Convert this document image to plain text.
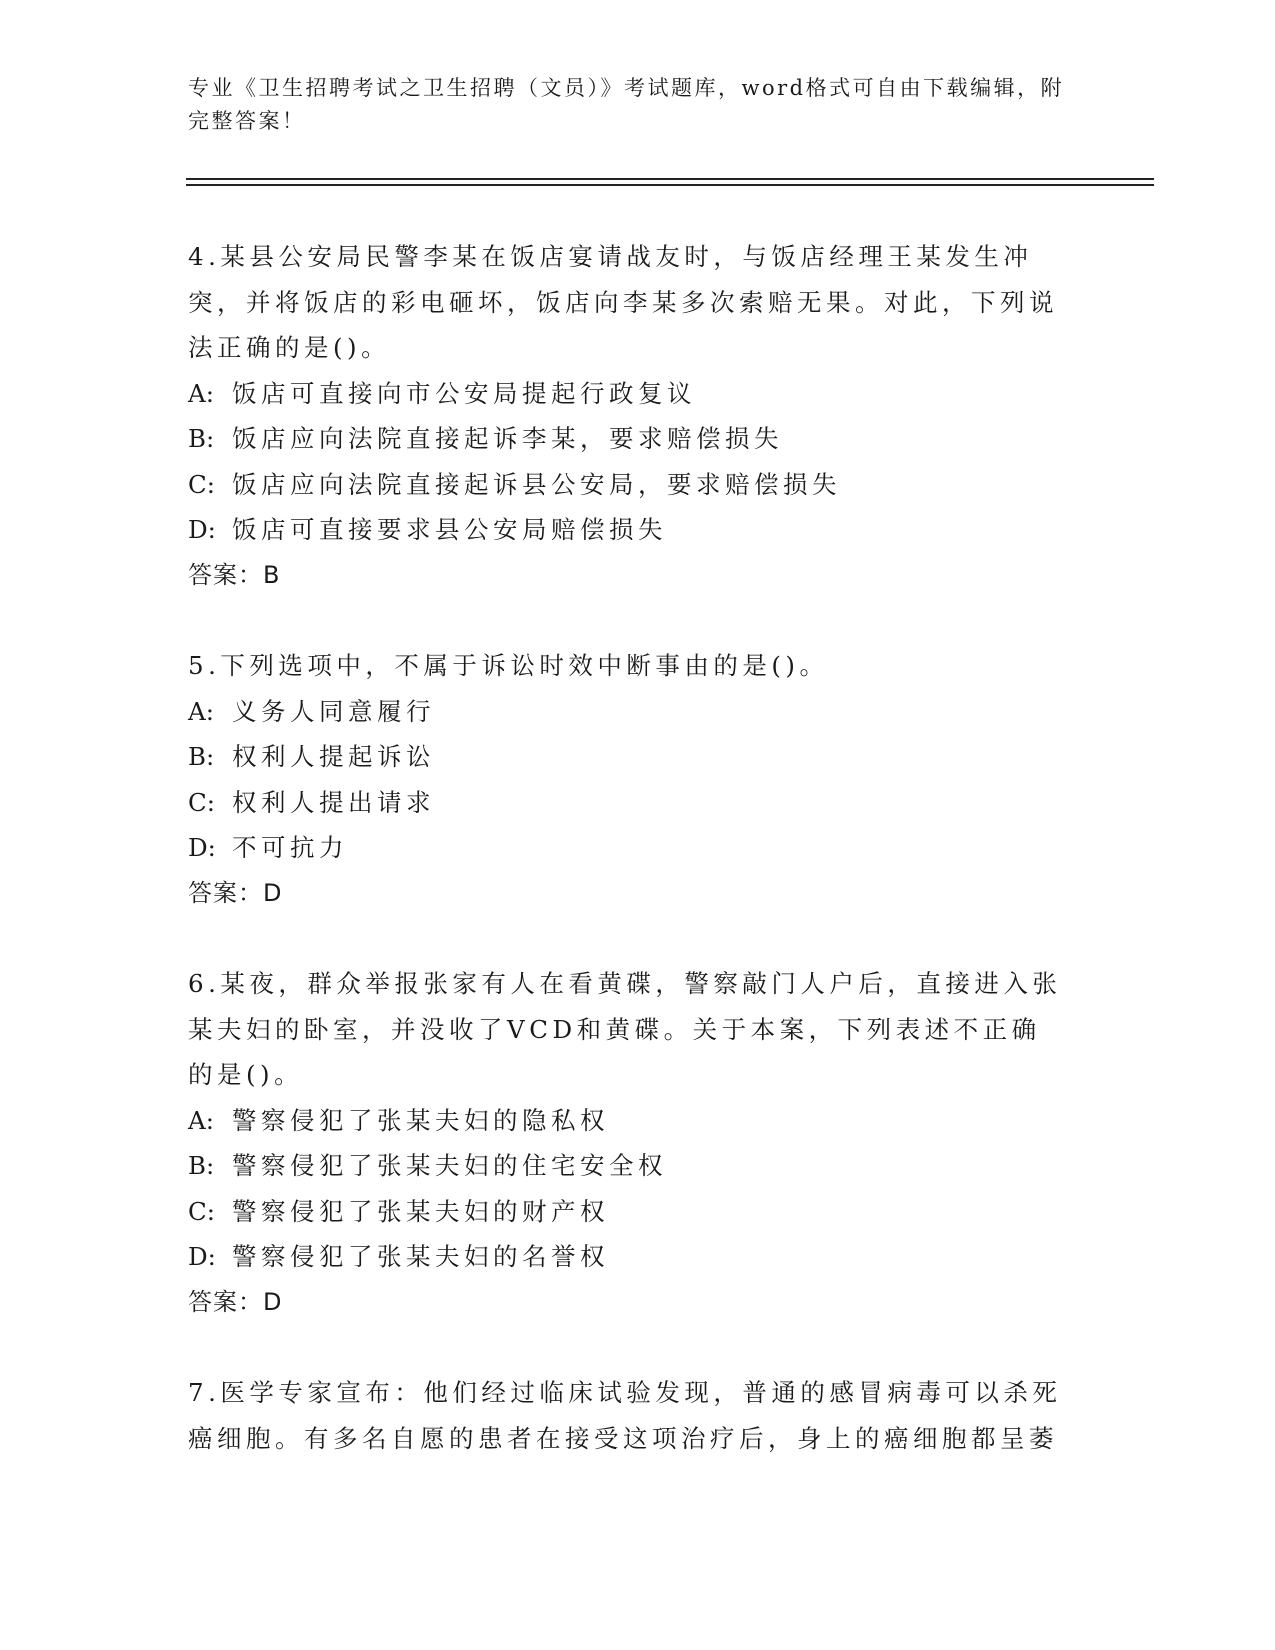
专业《卫生招聘考试之卫生招聘（文员）》考试题库，word格式可自由下载编辑，附完整答案！

4.某县公安局民警李某在饭店宴请战友时，与饭店经理王某发生冲突，并将饭店的彩电砸坏，饭店向李某多次索赔无果。对此，下列说法正确的是()。

A: 饭店可直接向市公安局提起行政复议

B: 饭店应向法院直接起诉李某，要求赔偿损失

C: 饭店应向法院直接起诉县公安局，要求赔偿损失

D: 饭店可直接要求县公安局赔偿损失

答案：B

5.下列选项中，不属于诉讼时效中断事由的是()。

A: 义务人同意履行

B: 权利人提起诉讼

C: 权利人提出请求

D: 不可抗力

答案：D

6.某夜，群众举报张家有人在看黄碟，警察敲门人户后，直接进入张某夫妇的卧室，并没收了VCD和黄碟。关于本案，下列表述不正确的是()。

A: 警察侵犯了张某夫妇的隐私权

B: 警察侵犯了张某夫妇的住宅安全权

C: 警察侵犯了张某夫妇的财产权

D: 警察侵犯了张某夫妇的名誉权

答案：D

7.医学专家宣布：他们经过临床试验发现，普通的感冒病毒可以杀死癌细胞。有多名自愿的患者在接受这项治疗后，身上的癌细胞都呈萎
